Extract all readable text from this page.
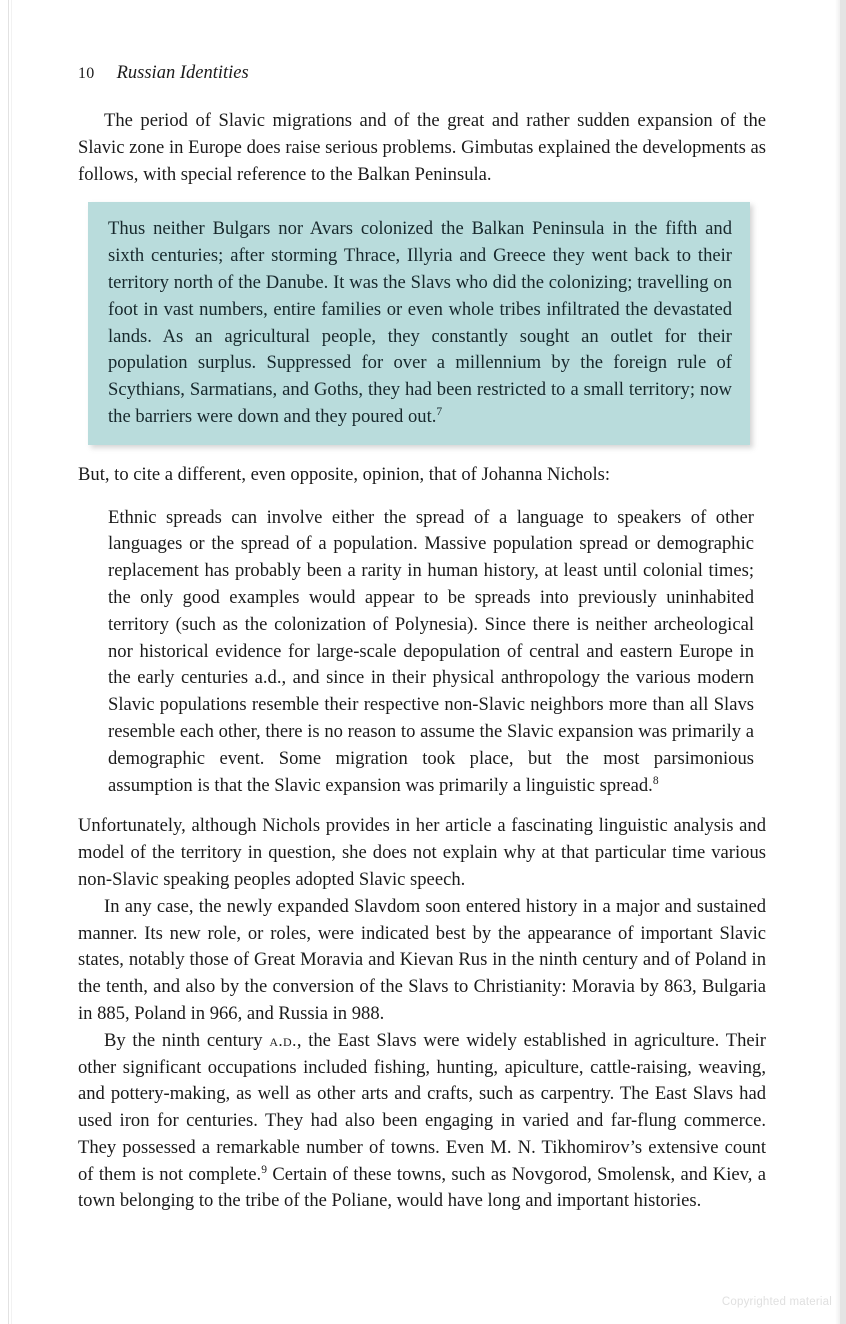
10 Russian Identities

The period of Slavic migrations and of the great and rather sudden expansion of the Slavic zone in Europe does raise serious problems. Gimbutas explained the developments as follows, with special reference to the Balkan Peninsula.

Thus neither Bulgars nor Avars colonized the Balkan Peninsula in the fifth and sixth centuries; after storming Thrace, Illyria and Greece they went back to their territory north of the Danube. It was the Slavs who did the colonizing; travelling on foot in vast numbers, entire families or even whole tribes infiltrated the devastated lands. As an agricultural people, they constantly sought an outlet for their population surplus. Suppressed for over a millennium by the foreign rule of Scythians, Sarmatians, and Goths, they had been restricted to a small territory; now the barriers were down and they poured out.$^7$

But, to cite a different, even opposite, opinion, that of Johanna Nichols:

Ethnic spreads can involve either the spread of a language to speakers of other languages or the spread of a population. Massive population spread or demographic replacement has probably been a rarity in human history, at least until colonial times; the only good examples would appear to be spreads into previously uninhabited territory (such as the colonization of Polynesia). Since there is neither archeological nor historical evidence for large-scale depopulation of central and eastern Europe in the early centuries a.d., and since in their physical anthropology the various modern Slavic populations resemble their respective non-Slavic neighbors more than all Slavs resemble each other, there is no reason to assume the Slavic expansion was primarily a demographic event. Some migration took place, but the most parsimonious assumption is that the Slavic expansion was primarily a linguistic spread.$^8$

Unfortunately, although Nichols provides in her article a fascinating linguistic analysis and model of the territory in question, she does not explain why at that particular time various non-Slavic speaking peoples adopted Slavic speech.

In any case, the newly expanded Slavdom soon entered history in a major and sustained manner. Its new role, or roles, were indicated best by the appearance of important Slavic states, notably those of Great Moravia and Kievan Rus in the ninth century and of Poland in the tenth, and also by the conversion of the Slavs to Christianity: Moravia by 863, Bulgaria in 885, Poland in 966, and Russia in 988.

By the ninth century a.d., the East Slavs were widely established in agriculture. Their other significant occupations included fishing, hunting, apiculture, cattle-raising, weaving, and pottery-making, as well as other arts and crafts, such as carpentry. The East Slavs had used iron for centuries. They had also been engaging in varied and far-flung commerce. They possessed a remarkable number of towns. Even M. N. Tikhomirov’s extensive count of them is not complete.$^9$ Certain of these towns, such as Novgorod, Smolensk, and Kiev, a town belonging to the tribe of the Poliane, would have long and important histories.

Copyrighted material
